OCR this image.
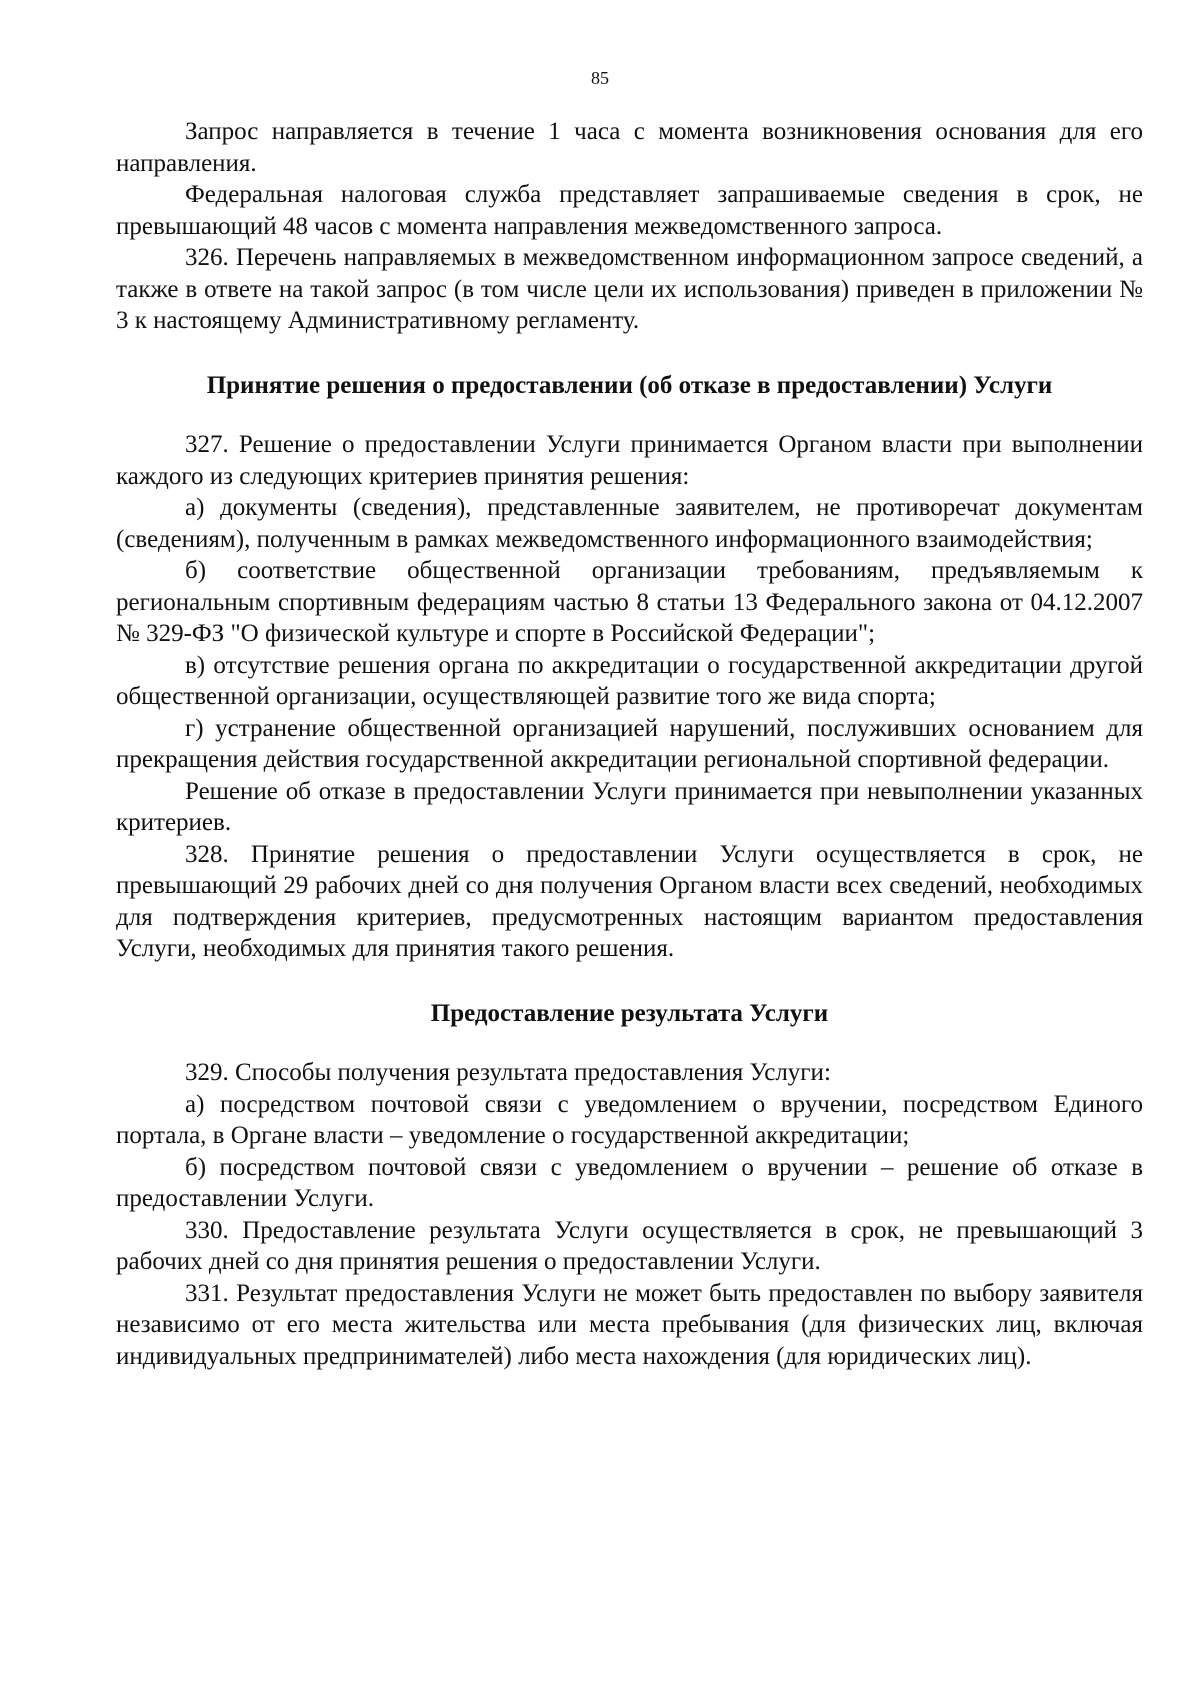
85

Запрос направляется в течение 1 часа с момента возникновения основания для его направления.

Федеральная налоговая служба представляет запрашиваемые сведения в срок, не превышающий 48 часов с момента направления межведомственного запроса.

326. Перечень направляемых в межведомственном информационном запросе сведений, а также в ответе на такой запрос (в том числе цели их использования) приведен в приложении № 3 к настоящему Административному регламенту.

Принятие решения о предоставлении (об отказе в предоставлении) Услуги

327. Решение о предоставлении Услуги принимается Органом власти при выполнении каждого из следующих критериев принятия решения:

а) документы (сведения), представленные заявителем, не противоречат документам (сведениям), полученным в рамках межведомственного информационного взаимодействия;

б) соответствие общественной организации требованиям, предъявляемым к региональным спортивным федерациям частью 8 статьи 13 Федерального закона от 04.12.2007 № 329-ФЗ "О физической культуре и спорте в Российской Федерации";

в) отсутствие решения органа по аккредитации о государственной аккредитации другой общественной организации, осуществляющей развитие того же вида спорта;

г) устранение общественной организацией нарушений, послуживших основанием для прекращения действия государственной аккредитации региональной спортивной федерации.

Решение об отказе в предоставлении Услуги принимается при невыполнении указанных критериев.

328. Принятие решения о предоставлении Услуги осуществляется в срок, не превышающий 29 рабочих дней со дня получения Органом власти всех сведений, необходимых для подтверждения критериев, предусмотренных настоящим вариантом предоставления Услуги, необходимых для принятия такого решения.

Предоставление результата Услуги

329. Способы получения результата предоставления Услуги:

а) посредством почтовой связи с уведомлением о вручении, посредством Единого портала, в Органе власти – уведомление о государственной аккредитации;

б) посредством почтовой связи с уведомлением о вручении – решение об отказе в предоставлении Услуги.

330. Предоставление результата Услуги осуществляется в срок, не превышающий 3 рабочих дней со дня принятия решения о предоставлении Услуги.

331. Результат предоставления Услуги не может быть предоставлен по выбору заявителя независимо от его места жительства или места пребывания (для физических лиц, включая индивидуальных предпринимателей) либо места нахождения (для юридических лиц).
